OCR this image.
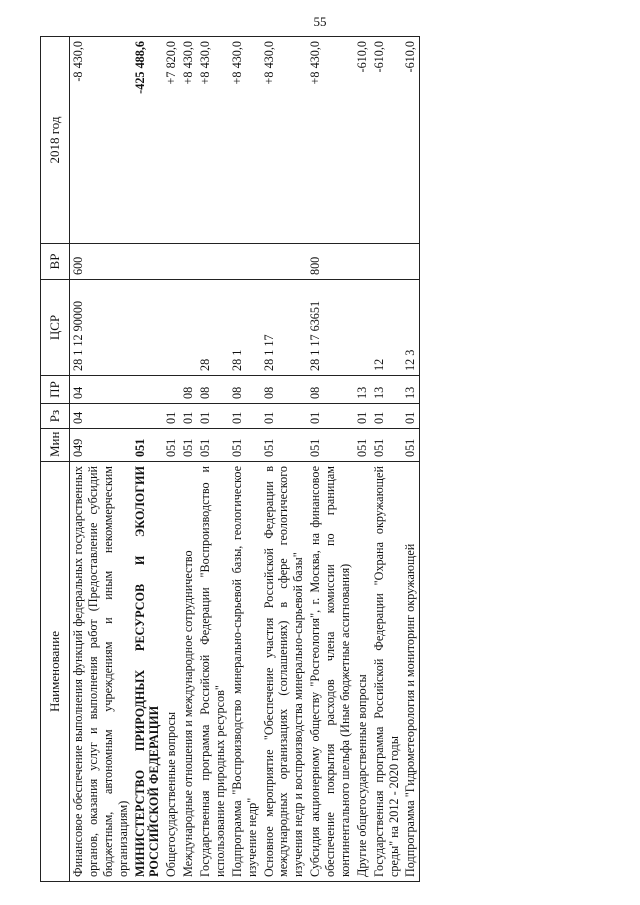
55
Наименование	Мин	Рз	ПР	ЦСР	ВР	2018 год
Финансовое обеспечение выполнения функций федеральных государственных органов, оказания услуг и выполнения работ (Предоставление субсидий бюджетным, автономным учреждениям и иным некоммерческим организациям)	049	04	04	28 1 12 90000	600	-8 430,0
МИНИСТЕРСТВО ПРИРОДНЫХ РЕСУРСОВ И ЭКОЛОГИИ РОССИЙСКОЙ ФЕДЕРАЦИИ	051					-425 488,6
Общегосударственные вопросы	051	01				+7 820,0
Международные отношения и международное сотрудничество	051	01	08			+8 430,0
Государственная программа Российской Федерации "Воспроизводство и использование природных ресурсов"	051	01	08	28		+8 430,0
Подпрограмма "Воспроизводство минерально-сырьевой базы, геологическое изучение недр"	051	01	08	28 1		+8 430,0
Основное мероприятие "Обеспечение участия Российской Федерации в международных организациях (соглашениях) в сфере геологического изучения недр и воспроизводства минерально-сырьевой базы"	051	01	08	28 1 17		+8 430,0
Субсидия акционерному обществу "Росгеология", г. Москва, на финансовое обеспечение покрытия расходов члена комиссии по границам континентального шельфа (Иные бюджетные ассигнования)	051	01	08	28 1 17 63651	800	+8 430,0
Другие общегосударственные вопросы	051	01	13			-610,0
Государственная программа Российской Федерации "Охрана окружающей среды" на 2012 - 2020 годы	051	01	13	12		-610,0
Подпрограмма "Гидрометеорология и мониторинг окружающей	051	01	13	12 3		-610,0
